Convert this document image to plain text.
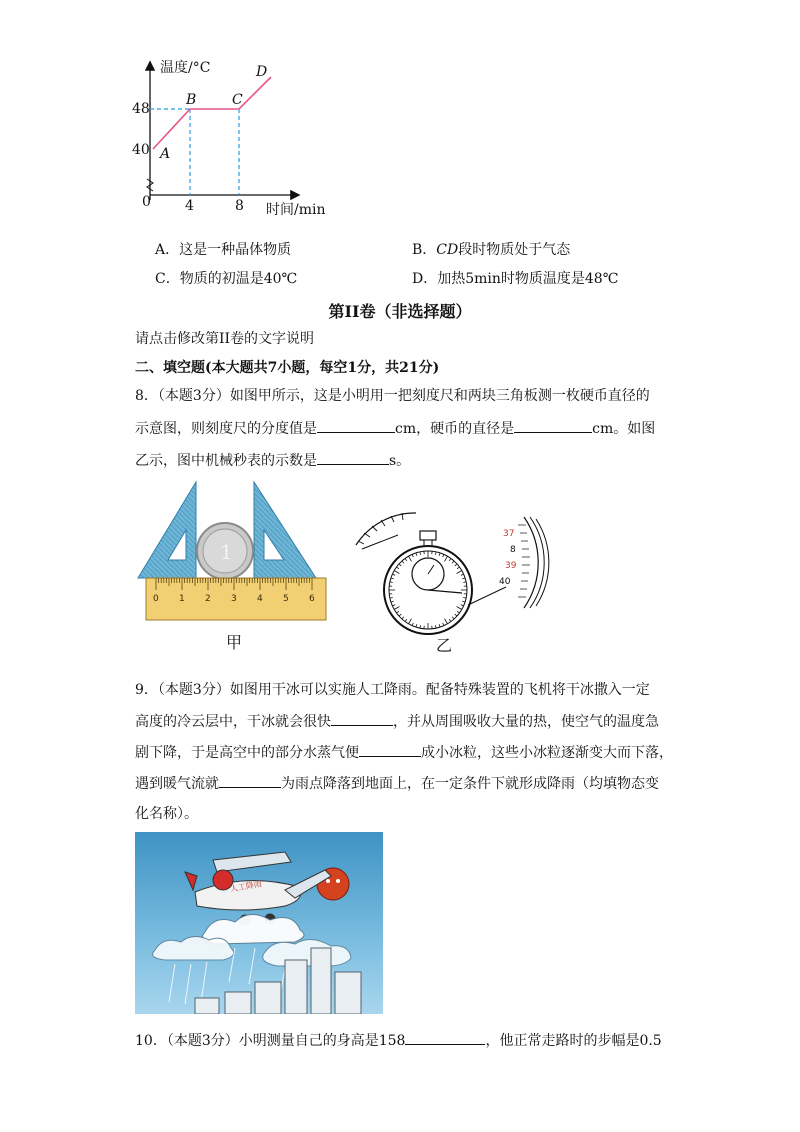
温度/°C
时间/min
0
48
40
4	8
A
B	C
D
A．这是一种晶体物质	B．CD段时物质处于气态
C．物质的初温是40℃	D．加热5min时物质温度是48℃
第II卷（非选择题）
请点击修改第II卷的文字说明
二、填空题(本大题共7小题，每空1分，共21分)
8．（本题3分）如图甲所示，这是小明用一把刻度尺和两块三角板测一枚硬币直径的
示意图，则刻度尺的分度值是	cm，硬币的直径是	cm。如图
乙示，图中机械秒表的示数是	s。
1
0 1 2 3 4 5 6
甲
37
8
39
40
乙
9．（本题3分）如图用干冰可以实施人工降雨。配备特殊装置的飞机将干冰撒入一定
高度的冷云层中，干冰就会很快	，并从周围吸收大量的热，使空气的温度急
剧下降，于是高空中的部分水蒸气便	成小冰粒，这些小冰粒逐渐变大而下落，
遇到暖气流就	为雨点降落到地面上，在一定条件下就形成降雨（均填物态变
化名称）。
人工降雨
10．（本题3分）小明测量自己的身高是158	，他正常走路时的步幅是0.5
